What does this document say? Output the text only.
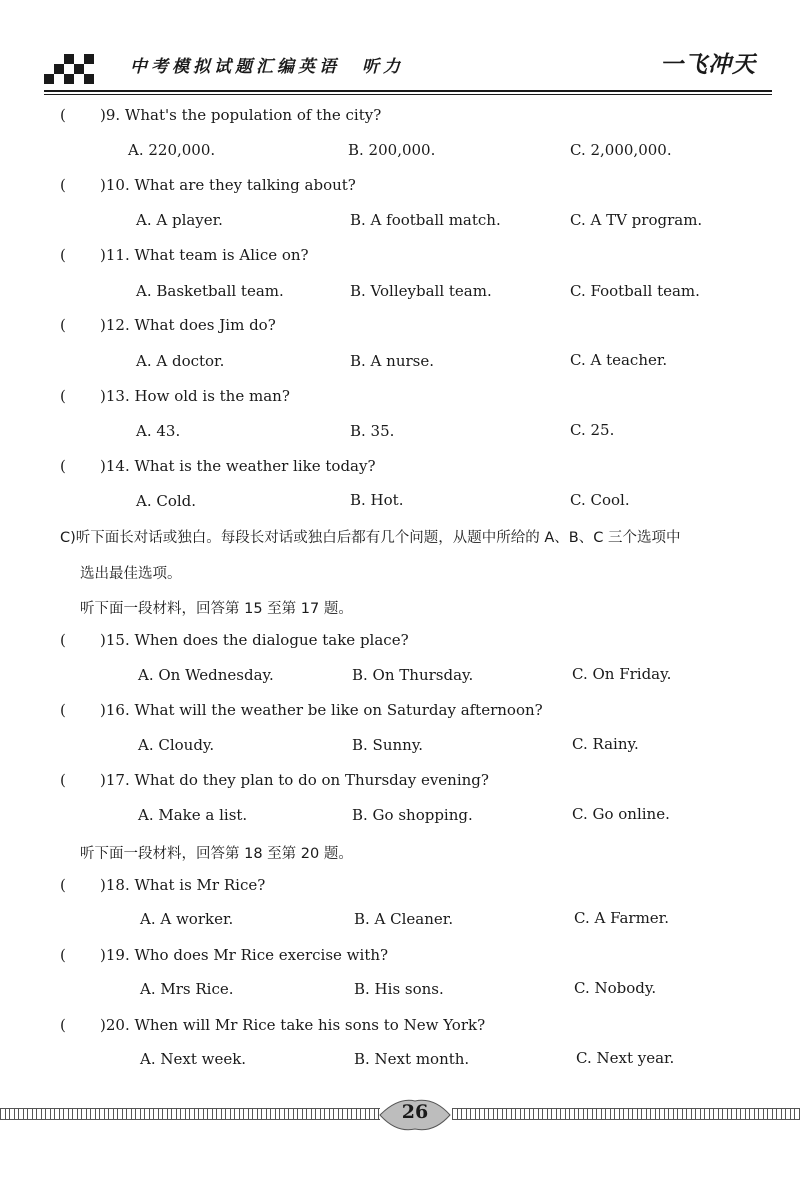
中考模拟试题汇编英语 听力	一飞冲天
( )9. What's the population of the city?
A. 220,000.	B. 200,000.	C. 2,000,000.
( )10. What are they talking about?
A. A player.	B. A football match.	C. A TV program.
( )11. What team is Alice on?
A. Basketball team.	B. Volleyball team.	C. Football team.
( )12. What does Jim do?
A. A doctor.	B. A nurse.	C. A teacher.
( )13. How old is the man?
A. 43.	B. 35.	C. 25.
( )14. What is the weather like today?
A. Cold.	B. Hot.	C. Cool.
C)听下面长对话或独白。每段长对话或独白后都有几个问题，从题中所给的 A、B、C 三个选项中
选出最佳选项。
听下面一段材料，回答第 15 至第 17 题。
( )15. When does the dialogue take place?
A. On Wednesday.	B. On Thursday.	C. On Friday.
( )16. What will the weather be like on Saturday afternoon?
A. Cloudy.	B. Sunny.	C. Rainy.
( )17. What do they plan to do on Thursday evening?
A. Make a list.	B. Go shopping.	C. Go online.
听下面一段材料，回答第 18 至第 20 题。
( )18. What is Mr Rice?
A. A worker.	B. A Cleaner.	C. A Farmer.
( )19. Who does Mr Rice exercise with?
A. Mrs Rice.	B. His sons.	C. Nobody.
( )20. When will Mr Rice take his sons to New York?
A. Next week.	B. Next month.	C. Next year.
26
